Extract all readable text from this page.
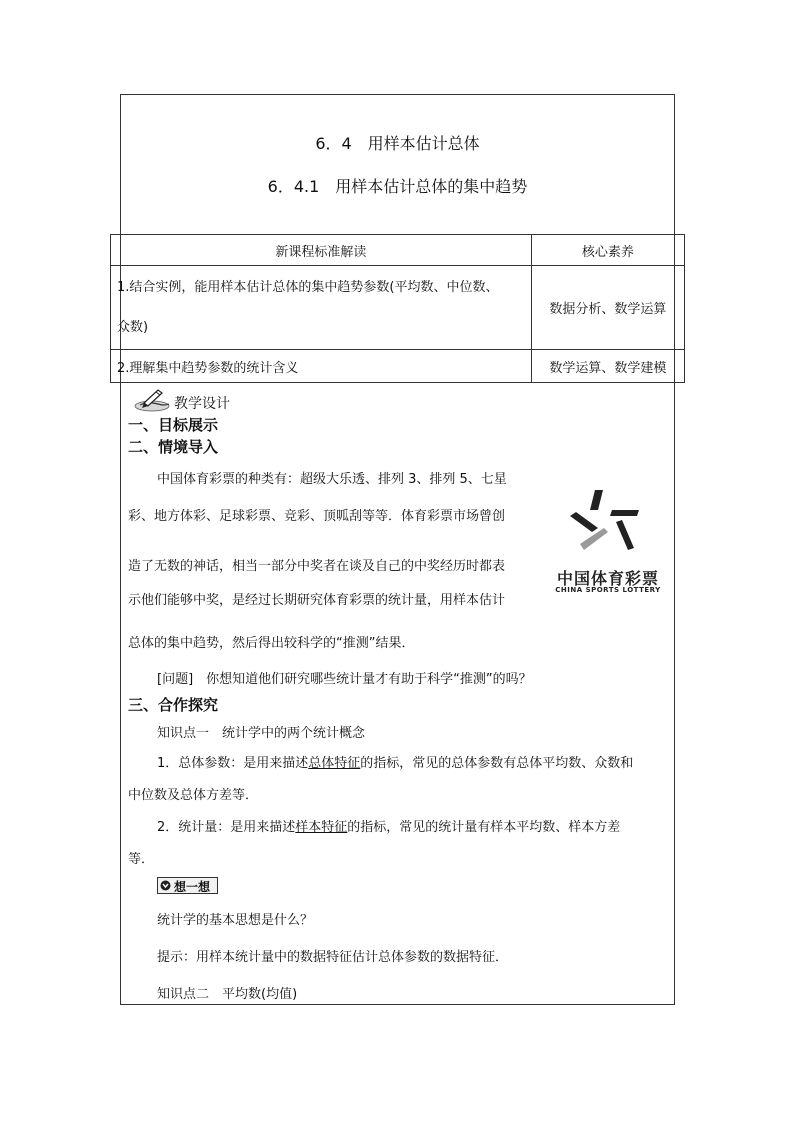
6．4　用样本估计总体
6．4.1　用样本估计总体的集中趋势
新课程标准解读	核心素养

1.结合实例，能用样本估计总体的集中趋势参数(平均数、中位数、
众数)	数据分析、数学运算

2.理解集中趋势参数的统计含义	数学运算、数学建模
教学设计
一、目标展示
二、情境导入
中国体育彩票的种类有：超级大乐透、排列 3、排列 5、七星
彩、地方体彩、足球彩票、竞彩、顶呱刮等等．体育彩票市场曾创
造了无数的神话，相当一部分中奖者在谈及自己的中奖经历时都表
示他们能够中奖，是经过长期研究体育彩票的统计量，用样本估计
总体的集中趋势，然后得出较科学的“推测”结果．
中国体育彩票
CHINA SPORTS LOTTERY
[问题]　你想知道他们研究哪些统计量才有助于科学“推测”的吗？
三、合作探究
知识点一　统计学中的两个统计概念
1．总体参数：是用来描述总体特征的指标，常见的总体参数有总体平均数、众数和
中位数及总体方差等．
2．统计量：是用来描述样本特征的指标，常见的统计量有样本平均数、样本方差
等．
想一想
统计学的基本思想是什么？
提示：用样本统计量中的数据特征估计总体参数的数据特征．
知识点二　平均数(均值)
